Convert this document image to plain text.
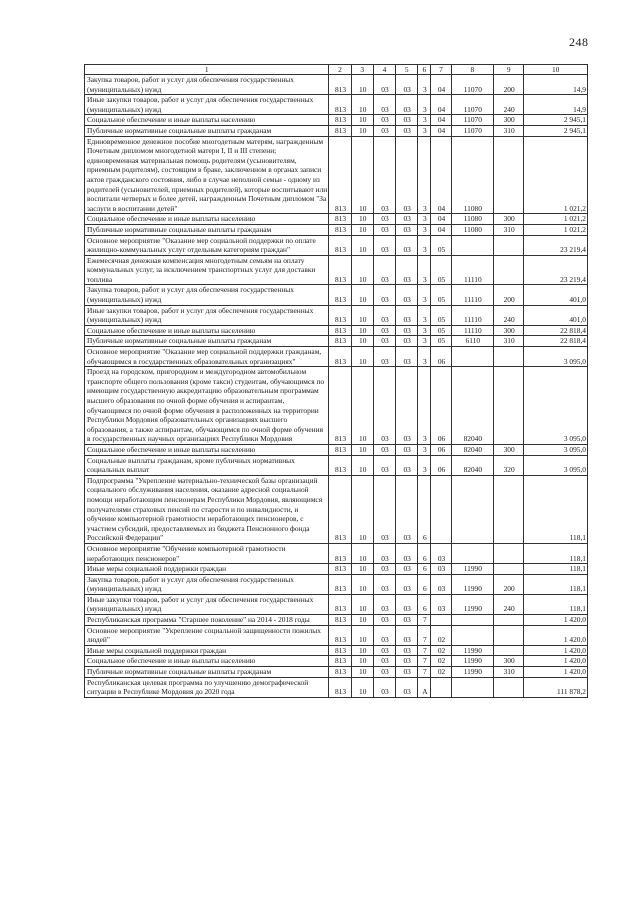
248
1	2	3	4	5	6	7	8	9	10
Закупка товаров, работ и услуг для обеспечения государственных (муниципальных) нужд	813	10	03	03	3	04	11070	200	14,9
Иные закупки товаров, работ и услуг для обеспечения государственных (муниципальных) нужд	813	10	03	03	3	04	11070	240	14,9
Социальное обеспечение и иные выплаты населению	813	10	03	03	3	04	11070	300	2 945,1
Публичные нормативные социальные выплаты гражданам	813	10	03	03	3	04	11070	310	2 945,1
Единовременное денежное пособие многодетным матерям, награжденным Почетным дипломом многодетной матери I, II и III степени; единовременная материальная помощь родителям (усыновителям, приемным родителям), состоящим в браке, заключенном в органах записи актов гражданского состояния, либо в случае неполной семьи - одному из родителей (усыновителей, приемных родителей), которые воспитывают или воспитали четверых и более детей, награжденным Почетным дипломом "За заслуги в воспитании детей"	813	10	03	03	3	04	11080		1 021,2
Социальное обеспечение и иные выплаты населению	813	10	03	03	3	04	11080	300	1 021,2
Публичные нормативные социальные выплаты гражданам	813	10	03	03	3	04	11080	310	1 021,2
Основное мероприятие "Оказание мер социальной поддержки по оплате жилищно-коммунальных услуг отдельным категориям граждан"	813	10	03	03	3	05			23 219,4
Ежемесячная денежная компенсация многодетным семьям на оплату коммунальных услуг, за исключением транспортных услуг для доставки топлива	813	10	03	03	3	05	11110		23 219,4
Закупка товаров, работ и услуг для обеспечения государственных (муниципальных) нужд	813	10	03	03	3	05	11110	200	401,0
Иные закупки товаров, работ и услуг для обеспечения государственных (муниципальных) нужд	813	10	03	03	3	05	11110	240	401,0
Социальное обеспечение и иные выплаты населению	813	10	03	03	3	05	11110	300	22 818,4
Публичные нормативные социальные выплаты гражданам	813	10	03	03	3	05	6110	310	22 818,4
Основное мероприятие "Оказание мер социальной поддержки гражданам, обучающимся в государственных образовательных организациях"	813	10	03	03	3	06			3 095,0
Проезд на городском, пригородном и междугородном автомобильном транспорте общего пользования (кроме такси) студентам, обучающимся по имеющим государственную аккредитацию образовательным программам высшего образования по очной форме обучения и аспирантам, обучающимся по очной форме обучения в расположенных на территории Республики Мордовия образовательных организациях высшего образования, а также аспирантам, обучающимся по очной форме обучения в государственных научных организациях Республики Мордовия	813	10	03	03	3	06	82040		3 095,0
Социальное обеспечение и иные выплаты населению	813	10	03	03	3	06	82040	300	3 095,0
Социальные выплаты гражданам, кроме публичных нормативных социальных выплат	813	10	03	03	3	06	82040	320	3 095,0
Подпрограмма "Укрепление материально-технической базы организаций социального обслуживания населения, оказание адресной социальной помощи неработающим пенсионерам Республики Мордовия, являющимся получателями страховых пенсий по старости и по инвалидности, и обучение компьютерной грамотности неработающих пенсионеров, с участием субсидий, предоставляемых из бюджета Пенсионного фонда Российской Федерации"	813	10	03	03	6				118,1
Основное мероприятие "Обучение компьютерной грамотности неработающих пенсионеров"	813	10	03	03	6	03			118,1
Иные меры социальной поддержки граждан	813	10	03	03	6	03	11990		118,1
Закупка товаров, работ и услуг для обеспечения государственных (муниципальных) нужд	813	10	03	03	6	03	11990	200	118,1
Иные закупки товаров, работ и услуг для обеспечения государственных (муниципальных) нужд	813	10	03	03	6	03	11990	240	118,1
Республиканская программа "Старшее поколение" на 2014 - 2018 годы	813	10	03	03	7				1 420,0
Основное мероприятие "Укрепление социальной защищенности пожилых людей"	813	10	03	03	7	02			1 420,0
Иные меры социальной поддержки граждан	813	10	03	03	7	02	11990		1 420,0
Социальное обеспечение и иные выплаты населению	813	10	03	03	7	02	11990	300	1 420,0
Публичные нормативные социальные выплаты гражданам	813	10	03	03	7	02	11990	310	1 420,0
Республиканская целевая программа по улучшению демографической ситуации в Республике Мордовия до 2020 года	813	10	03	03	А				111 878,2
